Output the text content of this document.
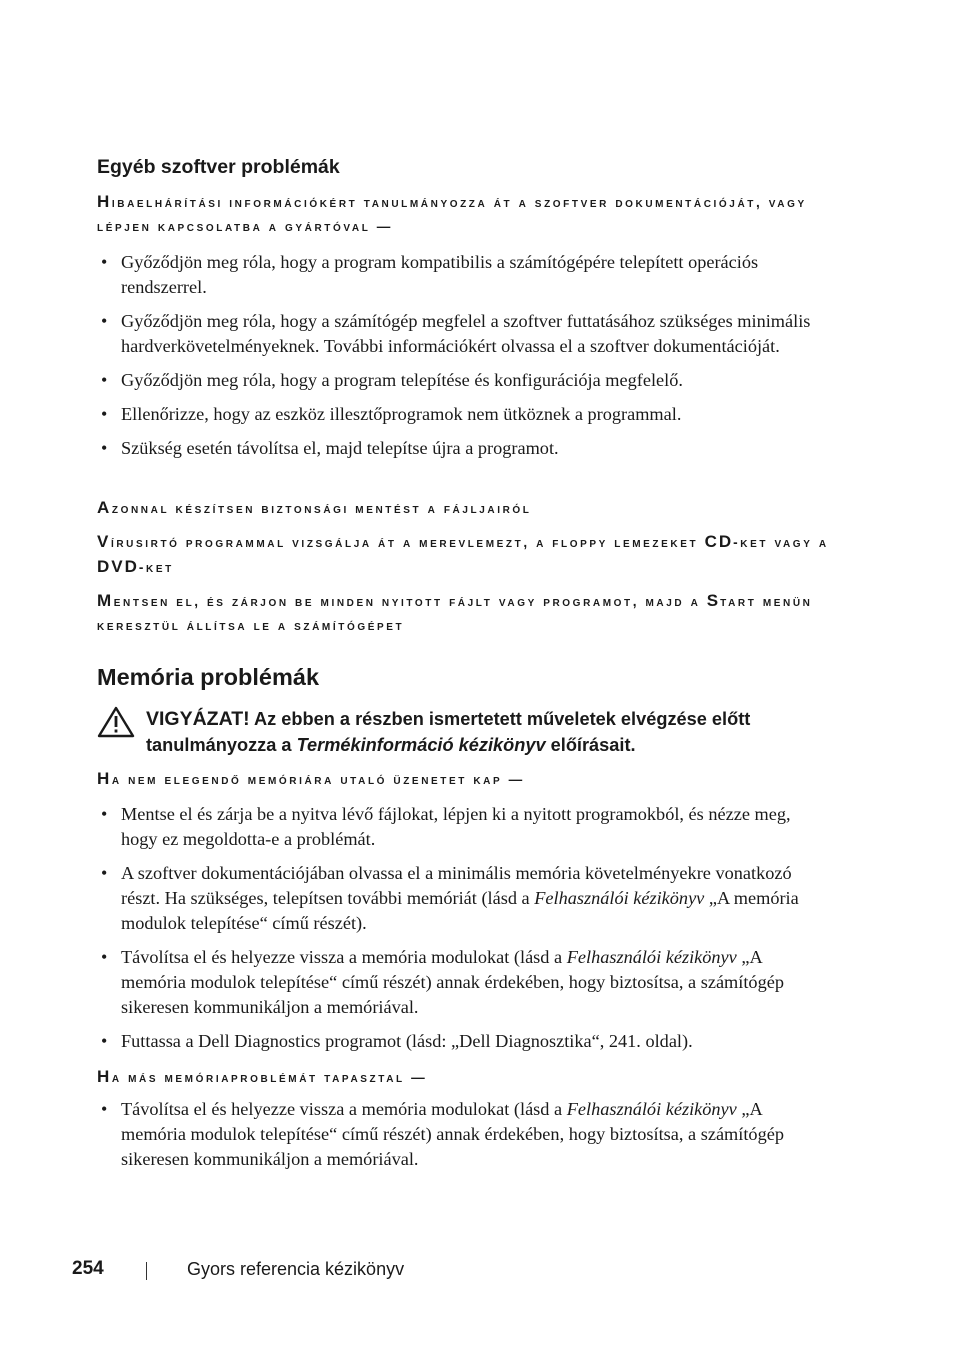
Egyéb szoftver problémák

Hibaelhárítási információkért tanulmányozza át a szoftver dokumentációját, vagy lépjen kapcsolatba a gyártóval —

• Győződjön meg róla, hogy a program kompatibilis a számítógépére telepített operációs rendszerrel.
• Győződjön meg róla, hogy a számítógép megfelel a szoftver futtatásához szükséges minimális hardverkövetelményeknek. További információkért olvassa el a szoftver dokumentációját.
• Győződjön meg róla, hogy a program telepítése és konfigurációja megfelelő.
• Ellenőrizze, hogy az eszköz illesztőprogramok nem ütköznek a programmal.
• Szükség esetén távolítsa el, majd telepítse újra a programot.

Azonnal készítsen biztonsági mentést a fájljairól

Vírusirtó programmal vizsgálja át a merevlemezt, a floppy lemezeket CD-ket vagy a DVD-ket

Mentsen el, és zárjon be minden nyitott fájlt vagy programot, majd a Start menün keresztül állítsa le a számítógépet

Memória problémák
VIGYÁZAT! Az ebben a részben ismertetett műveletek elvégzése előtt tanulmányozza a Termékinformáció kézikönyv előírásait.

Ha nem elegendő memóriára utaló üzenetet kap —

• Mentse el és zárja be a nyitva lévő fájlokat, lépjen ki a nyitott programokból, és nézze meg, hogy ez megoldotta-e a problémát.
• A szoftver dokumentációjában olvassa el a minimális memória követelményekre vonatkozó részt. Ha szükséges, telepítsen további memóriát (lásd a Felhasználói kézikönyv „A memória modulok telepítése“ című részét).
• Távolítsa el és helyezze vissza a memória modulokat (lásd a Felhasználói kézikönyv „A memória modulok telepítése“ című részét) annak érdekében, hogy biztosítsa, a számítógép sikeresen kommunikáljon a memóriával.
• Futtassa a Dell Diagnostics programot (lásd: „Dell Diagnosztika“, 241. oldal).

Ha más memóriaproblémát tapasztal —

• Távolítsa el és helyezze vissza a memória modulokat (lásd a Felhasználói kézikönyv „A memória modulok telepítése“ című részét) annak érdekében, hogy biztosítsa, a számítógép sikeresen kommunikáljon a memóriával.
254	Gyors referencia kézikönyv
